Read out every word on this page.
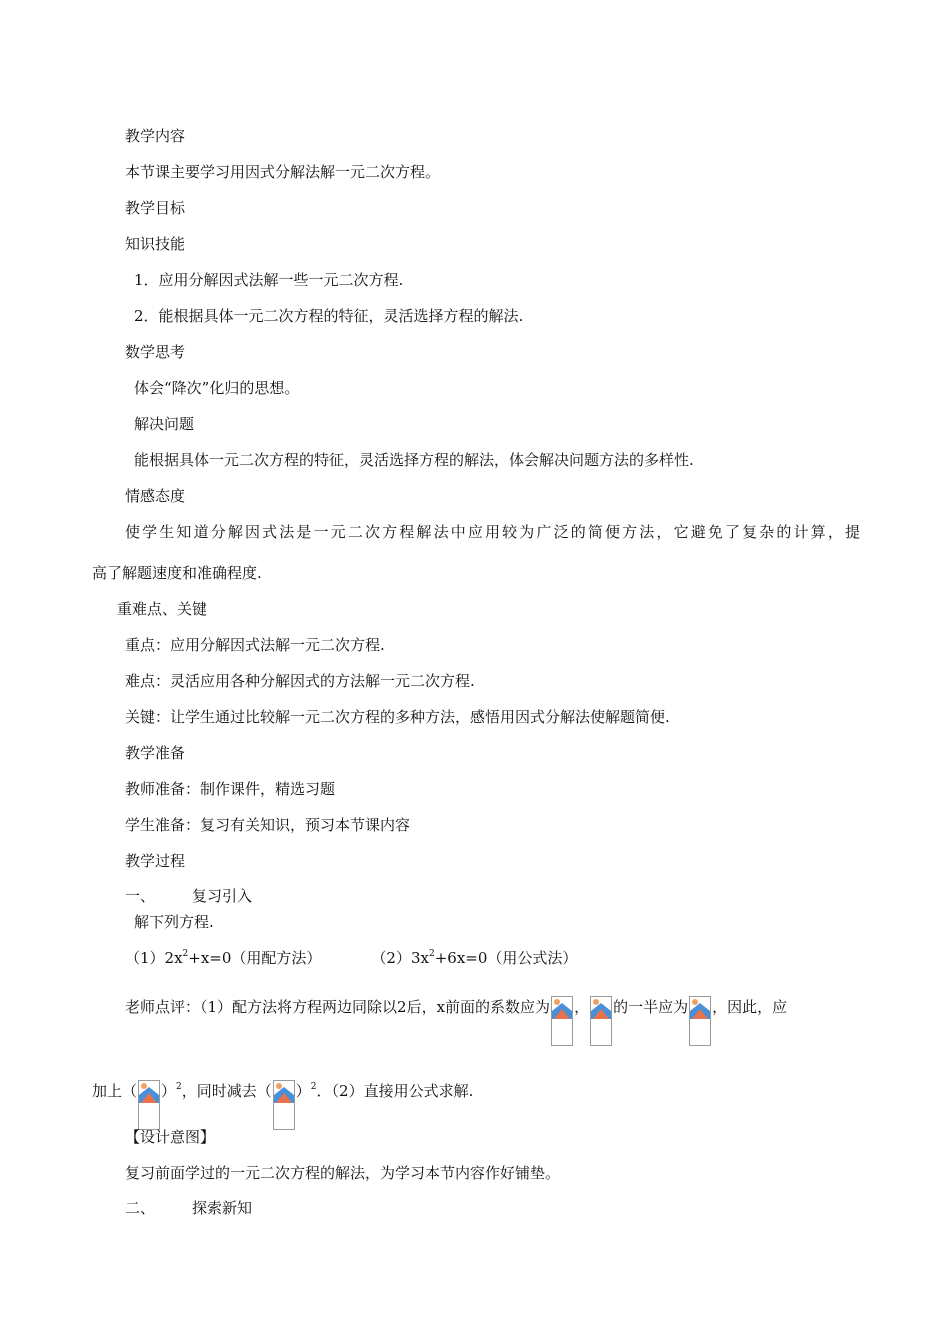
教学内容
本节课主要学习用因式分解法解一元二次方程。
教学目标
知识技能
1．应用分解因式法解一些一元二次方程.
2．能根据具体一元二次方程的特征，灵活选择方程的解法.
数学思考
体会“降次”化归的思想。
解决问题
能根据具体一元二次方程的特征，灵活选择方程的解法，体会解决问题方法的多样性.
情感态度
使学生知道分解因式法是一元二次方程解法中应用较为广泛的简便方法，它避免了复杂的计算，提
高了解题速度和准确程度.
重难点、关键
重点：应用分解因式法解一元二次方程.
难点：灵活应用各种分解因式的方法解一元二次方程.
关键：让学生通过比较解一元二次方程的多种方法，感悟用因式分解法使解题简便.
教学准备
教师准备：制作课件，精选习题
学生准备：复习有关知识，预习本节课内容
教学过程
一、 复习引入
解下列方程.
$(1)2x^2+x=0$（用配方法）	$(2)3x^2+6x=0$（用公式法）
老师点评：（1）配方法将方程两边同除以2后，x前面的系数应为 ， 的一半应为 ，因此，应
加上（ ）$^2$，同时减去（ ）$^2$．（2）直接用公式求解.
【设计意图】
复习前面学过的一元二次方程的解法，为学习本节内容作好铺垫。
二、 探索新知
